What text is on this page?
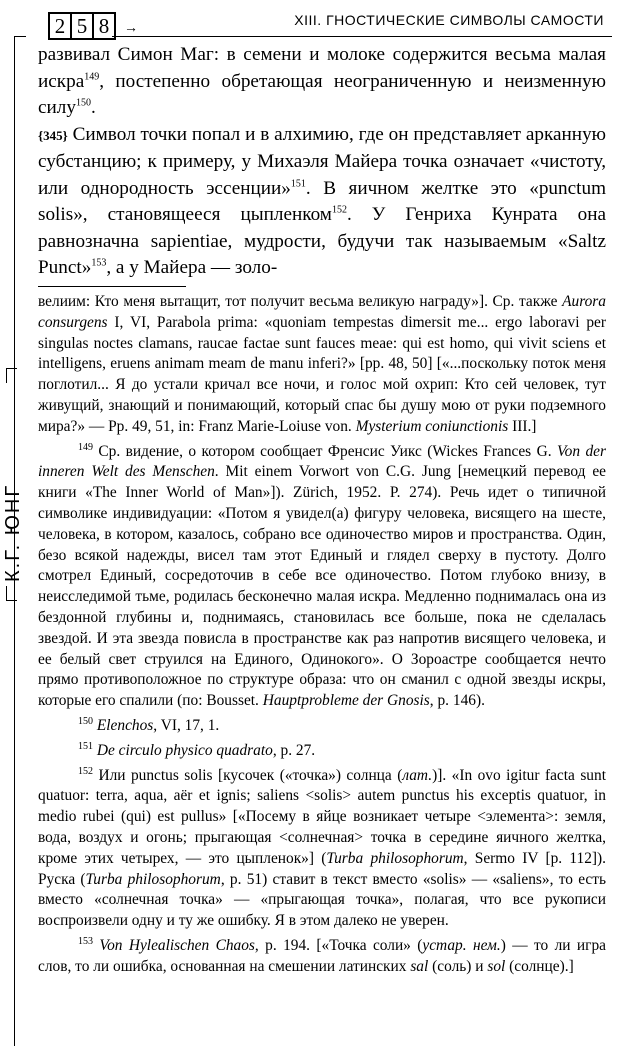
2 5 8	→
XIII. ГНОСТИЧЕСКИЕ СИМВОЛЫ САМОСТИ
К.Г. ЮНГ

развивал Симон Маг: в семени и молоке содержится весьма малая искра$^{149}$, постепенно обретающая неограниченную и неизменную силу$^{150}$.

{345} Символ точки попал и в алхимию, где он представляет арканную субстанцию; к примеру, у Михаэля Майера точка означает «чистоту, или однородность эссенции»$^{151}$. В яичном желтке это «punctum solis», становящееся цыпленком$^{152}$. У Генриха Кунрата она равнозначна sapientiae, мудрости, будучи так называемым «Saltz Punct»$^{153}$, а у Майера — золо-

велиим: Кто меня вытащит, тот получит весьма великую награду»]. Ср. также Aurora consurgens I, VI, Parabola prima: «quoniam tempestas dimersit me... ergo laboravi per singulas noctes clamans, raucae factae sunt fauces meae: qui est homo, qui vivit sciens et intelligens, eruens animam meam de manu inferi?» [pp. 48, 50] [«...поскольку поток меня поглотил... Я до устали кричал все ночи, и голос мой охрип: Кто сей человек, тут живущий, знающий и понимающий, который спас бы душу мою от руки подземного мира?» — Pp. 49, 51, in: Franz Marie-Loiuse von. Mysterium coniunctionis III.]

$^{149}$ Ср. видение, о котором сообщает Френсис Уикс (Wickes Frances G. Von der inneren Welt des Menschen. Mit einem Vorwort von C.G. Jung [немецкий перевод ее книги «The Inner World of Man»]). Zürich, 1952. P. 274). Речь идет о типичной символике индивидуации: «Потом я увидел(а) фигуру человека, висящего на шесте, человека, в котором, казалось, собрано все одиночество миров и пространства. Один, безо всякой надежды, висел там этот Единый и глядел сверху в пустоту. Долго смотрел Единый, сосредоточив в себе все одиночество. Потом глубоко внизу, в неисследимой тьме, родилась бесконечно малая искра. Медленно поднималась она из бездонной глубины и, поднимаясь, становилась все больше, пока не сделалась звездой. И эта звезда повисла в пространстве как раз напротив висящего человека, и ее белый свет струился на Единого, Одинокого». О Зороастре сообщается нечто прямо противоположное по структуре образа: что он сманил с одной звезды искры, которые его спалили (по: Bousset. Hauptprobleme der Gnosis, p. 146).

$^{150}$ Elenchos, VI, 17, 1.

$^{151}$ De circulo physico quadrato, p. 27.

$^{152}$ Или punctus solis [кусочек («точка») солнца (лат.)]. «In ovo igitur facta sunt quatuor: terra, aqua, aёr et ignis; saliens <solis> autem punctus his exceptis quatuor, in medio rubei (qui) est pullus» [«Посему в яйце возникает четыре <элемента>: земля, вода, воздух и огонь; прыгающая <солнечная> точка в середине яичного желтка, кроме этих четырех, — это цыпленок»] (Turba philosophorum, Sermo IV [p. 112]). Руска (Turba philosophorum, p. 51) ставит в текст вместо «solis» — «saliens», то есть вместо «солнечная точка» — «прыгающая точка», полагая, что все рукописи воспроизвели одну и ту же ошибку. Я в этом далеко не уверен.

$^{153}$ Von Hylealischen Chaos, p. 194. [«Точка соли» (устар. нем.) — то ли игра слов, то ли ошибка, основанная на смешении латинских sal (соль) и sol (солнце).]
